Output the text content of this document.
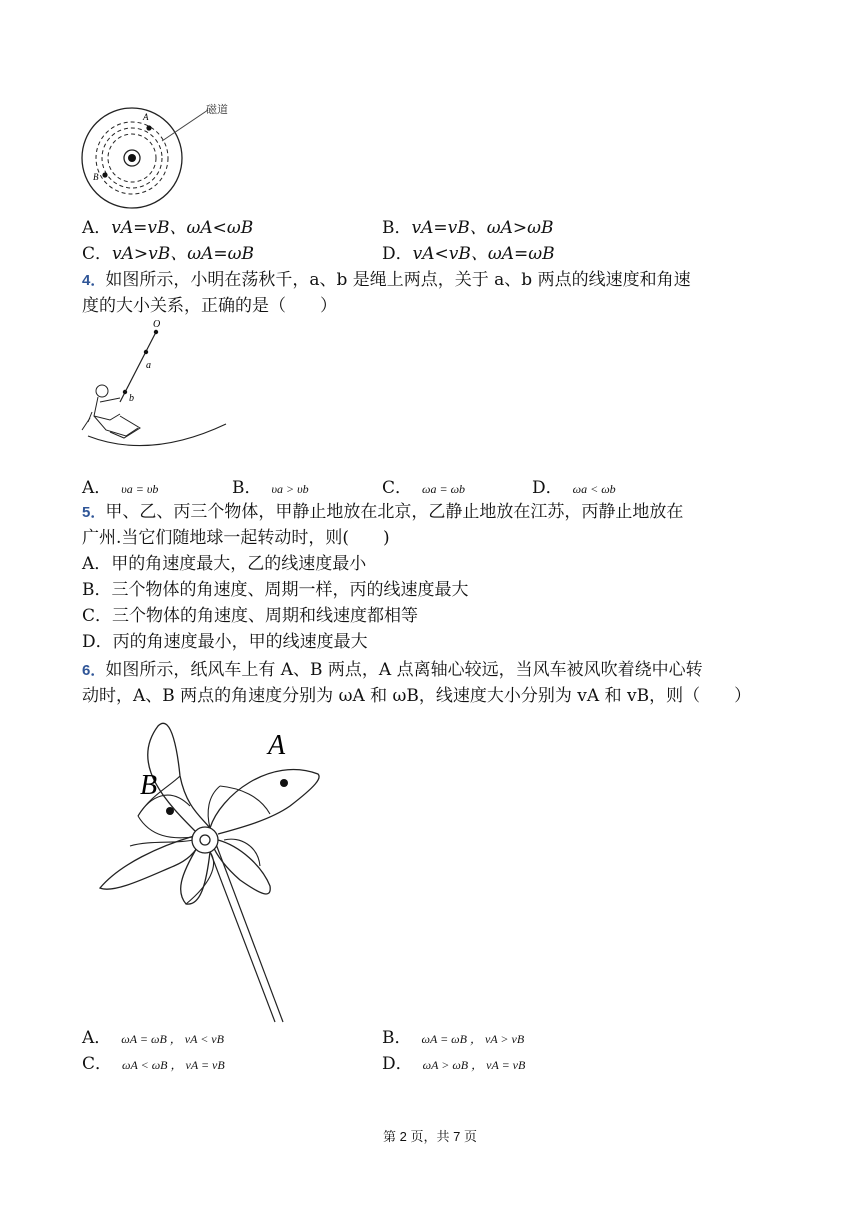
A
B
磁道
A．vA=vB、ωA<ωB	B．vA=vB、ωA>ωB
C．vA>vB、ωA=ωB	D．vA<vB、ωA=ωB
4．如图所示，小明在荡秋千，a、b 是绳上两点，关于 a、b 两点的线速度和角速
度的大小关系，正确的是（　　）
O
a
b
A． υa = υb	B． υa > υb	C． ωa = ωb	D． ωa < ωb
5．甲、乙、丙三个物体，甲静止地放在北京，乙静止地放在江苏，丙静止地放在
广州.当它们随地球一起转动时，则(　　)
A．甲的角速度最大，乙的线速度最小
B．三个物体的角速度、周期一样，丙的线速度最大
C．三个物体的角速度、周期和线速度都相等
D．丙的角速度最小，甲的线速度最大
6．如图所示，纸风车上有 A、B 两点，A 点离轴心较远，当风车被风吹着绕中心转
动时，A、B 两点的角速度分别为 ωA 和 ωB，线速度大小分别为 vA 和 vB，则（　　）
A
B
A． ωA = ωB ， vA < vB	B． ωA = ωB ， vA > vB
C． ωA < ωB ， vA = vB	D． ωA > ωB ， vA = vB
第 2 页，共 7 页
